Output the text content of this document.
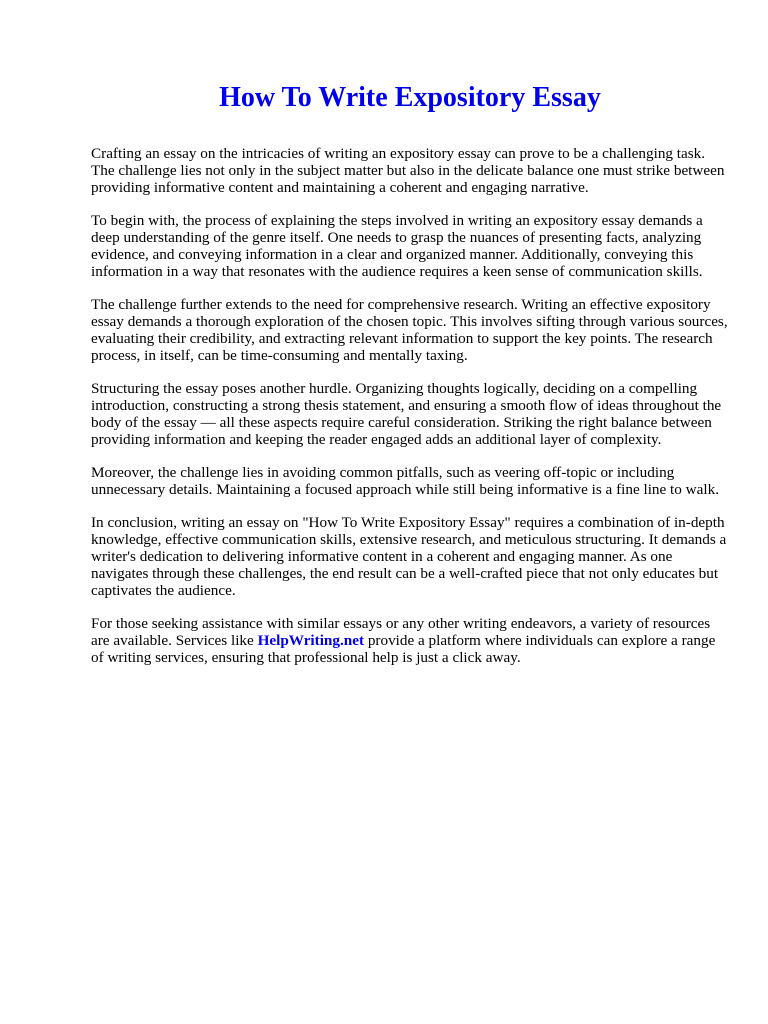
How To Write Expository Essay

Crafting an essay on the intricacies of writing an expository essay can prove to be a challenging task. The challenge lies not only in the subject matter but also in the delicate balance one must strike between providing informative content and maintaining a coherent and engaging narrative.

To begin with, the process of explaining the steps involved in writing an expository essay demands a deep understanding of the genre itself. One needs to grasp the nuances of presenting facts, analyzing evidence, and conveying information in a clear and organized manner. Additionally, conveying this information in a way that resonates with the audience requires a keen sense of communication skills.

The challenge further extends to the need for comprehensive research. Writing an effective expository essay demands a thorough exploration of the chosen topic. This involves sifting through various sources, evaluating their credibility, and extracting relevant information to support the key points. The research process, in itself, can be time-consuming and mentally taxing.

Structuring the essay poses another hurdle. Organizing thoughts logically, deciding on a compelling introduction, constructing a strong thesis statement, and ensuring a smooth flow of ideas throughout the body of the essay — all these aspects require careful consideration. Striking the right balance between providing information and keeping the reader engaged adds an additional layer of complexity.

Moreover, the challenge lies in avoiding common pitfalls, such as veering off-topic or including unnecessary details. Maintaining a focused approach while still being informative is a fine line to walk.

In conclusion, writing an essay on "How To Write Expository Essay" requires a combination of in-depth knowledge, effective communication skills, extensive research, and meticulous structuring. It demands a writer's dedication to delivering informative content in a coherent and engaging manner. As one navigates through these challenges, the end result can be a well-crafted piece that not only educates but captivates the audience.

For those seeking assistance with similar essays or any other writing endeavors, a variety of resources are available. Services like HelpWriting.net provide a platform where individuals can explore a range of writing services, ensuring that professional help is just a click away.
